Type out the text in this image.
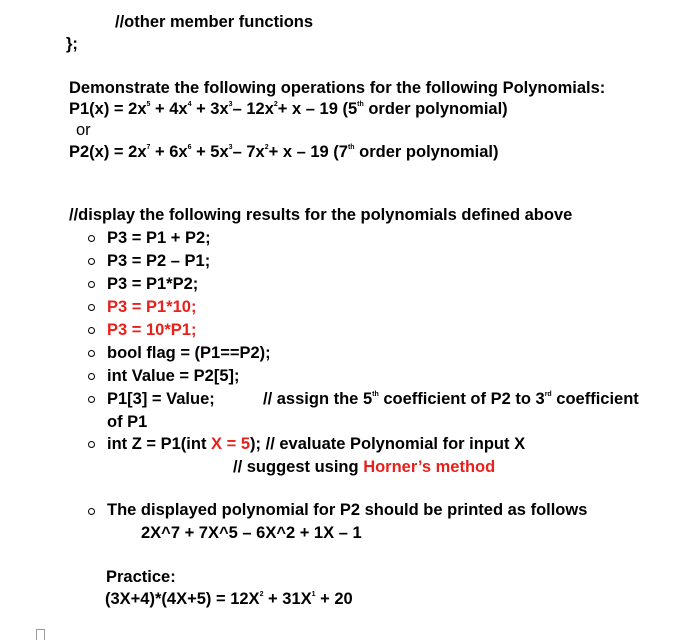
//other member functions
};
Demonstrate the following operations for the following Polynomials:
$P1(x) = 2x^5 + 4x^4 + 3x^3-$ $12x^2+ x - 19$ (5th order polynomial)
or
$P2(x) = 2x^7 + 6x^6 + 5x^3-$ $7x^2+ x - 19$ (7th order polynomial)
//display the following results for the polynomials defined above
P3 = P1 + P2;
P3 = P2 – P1;
P3 = P1*P2;
P3 = P1*10;
P3 = 10*P1;
bool flag = (P1==P2);
int Value = P2[5];
P1[3] = Value;	// assign the 5th coefficient of P2 to 3rd coefficient
of P1
int Z = P1(int X = 5); // evaluate Polynomial for input X
// suggest using Horner’s method
The displayed polynomial for P2 should be printed as follows
2X^7 + 7X^5 – 6X^2 + 1X – 1
Practice:
$(3X+4)*(4X+5) = 12X^2 + 31X^1 + 20$
